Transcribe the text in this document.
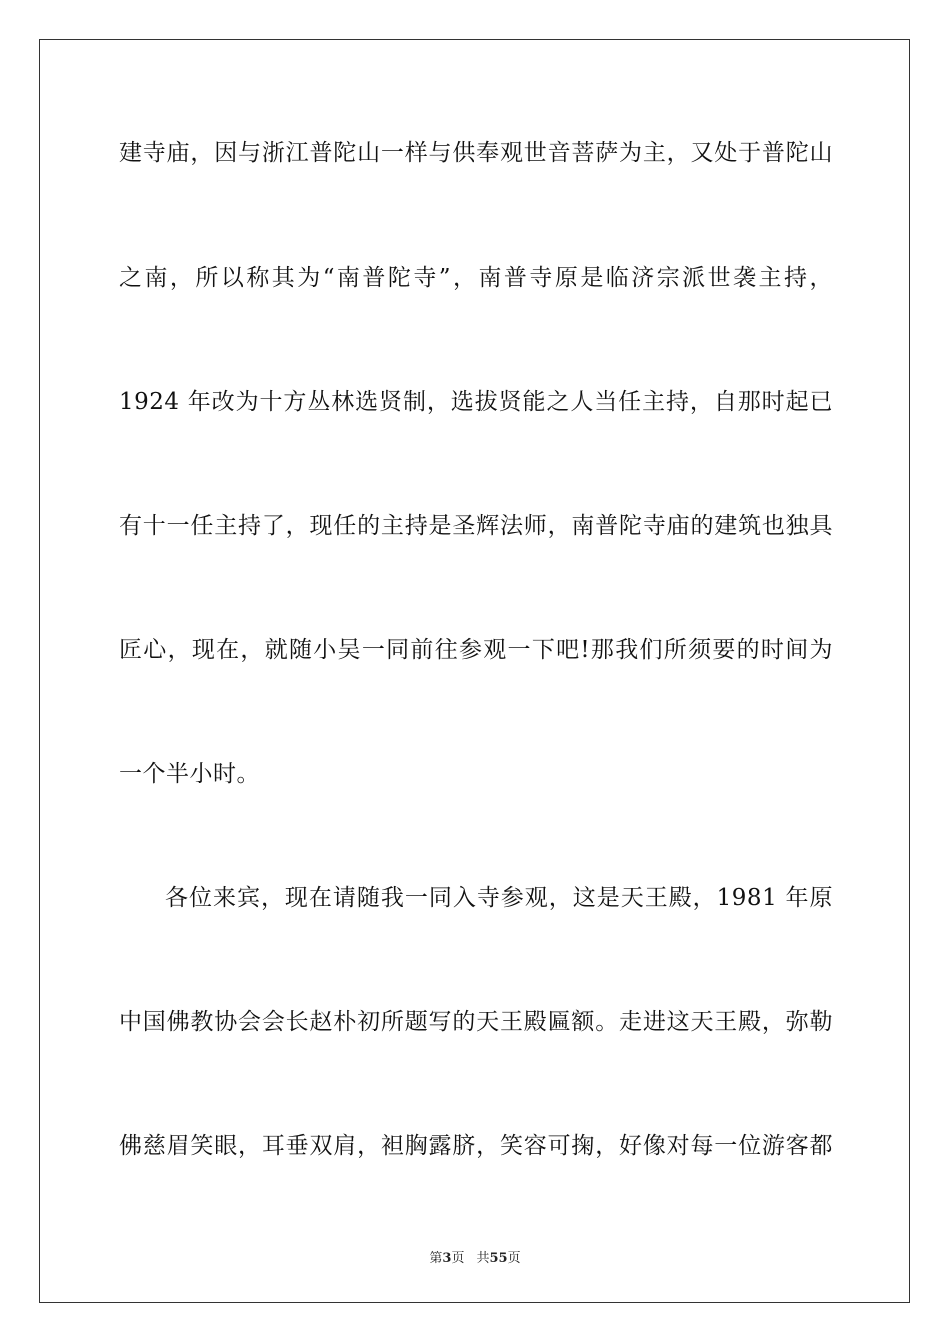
建寺庙，因与浙江普陀山一样与供奉观世音菩萨为主，又处于普陀山
之南，所以称其为“南普陀寺”，南普寺原是临济宗派世袭主持，
1924 年改为十方丛林选贤制，选拔贤能之人当任主持，自那时起已
有十一任主持了，现任的主持是圣辉法师，南普陀寺庙的建筑也独具
匠心，现在，就随小吴一同前往参观一下吧!那我们所须要的时间为
一个半小时。
各位来宾，现在请随我一同入寺参观，这是天王殿，1981 年原
中国佛教协会会长赵朴初所题写的天王殿匾额。走进这天王殿，弥勒
佛慈眉笑眼，耳垂双肩，袒胸露脐，笑容可掬，好像对每一位游客都
第3页 共55页
